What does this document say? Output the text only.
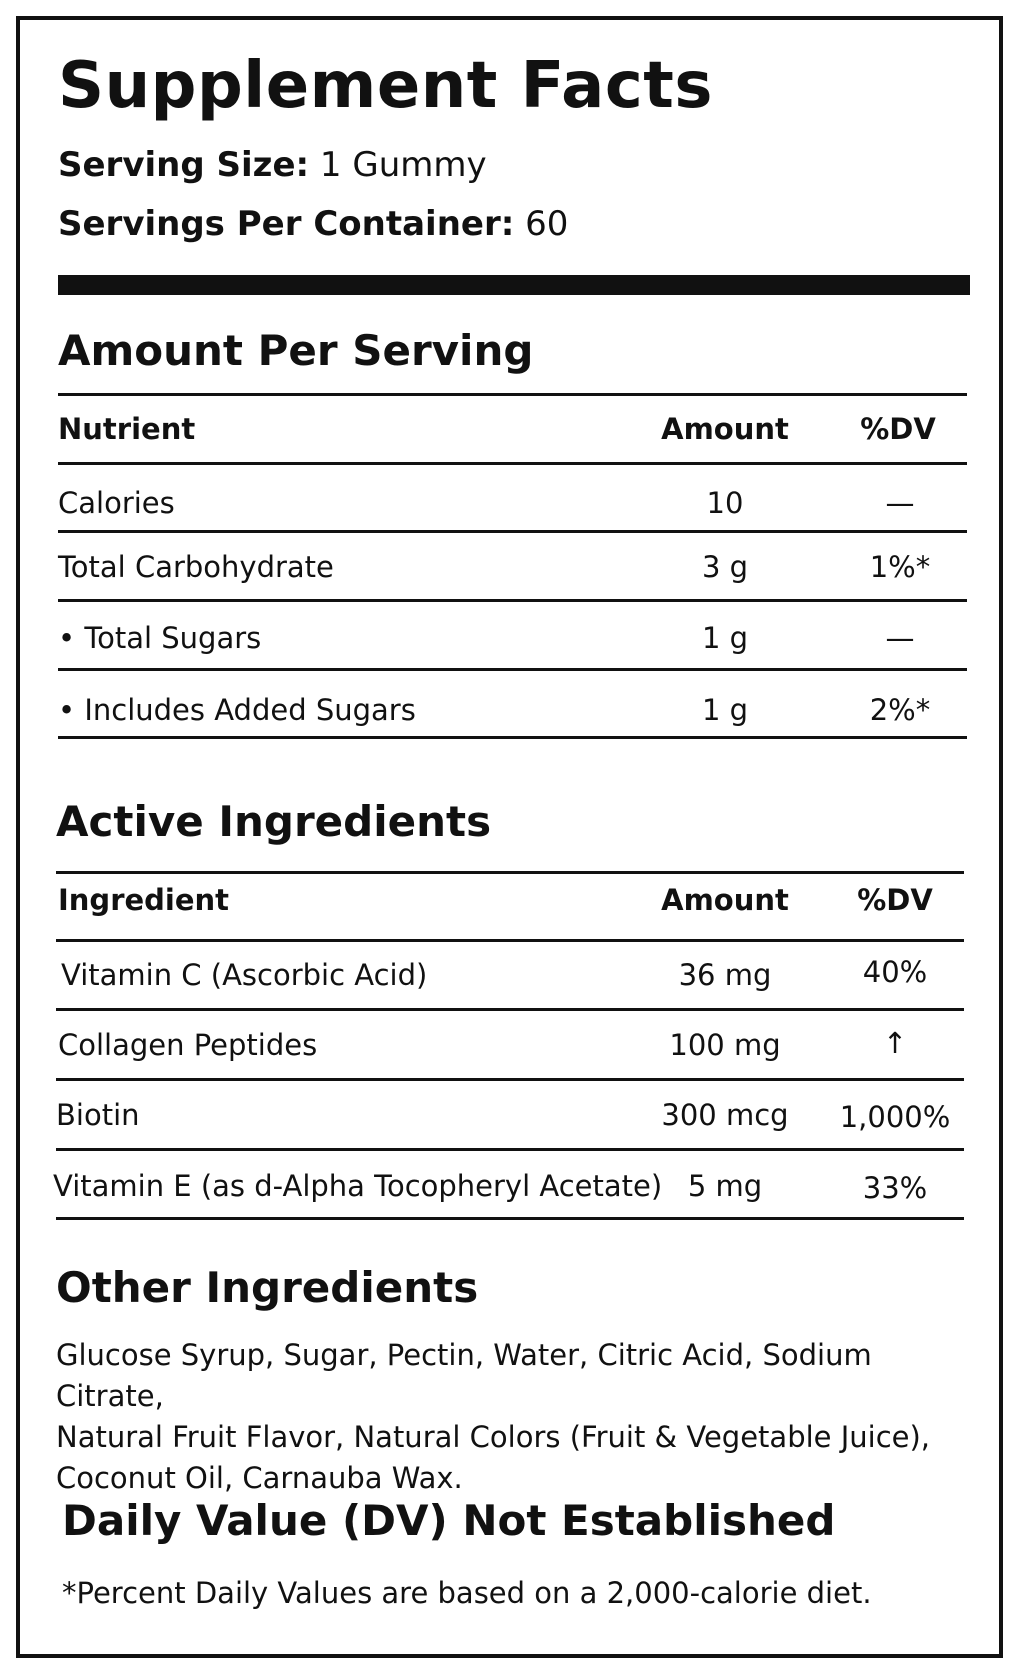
Supplement Facts
Serving Size: 1 Gummy
Servings Per Container: 60
Amount Per Serving
Nutrient	Amount	%DV
Calories	10	—
Total Carbohydrate	3 g	1%*
• Total Sugars	1 g	—
• Includes Added Sugars	1 g	2%*
Active Ingredients
Ingredient	Amount	%DV
Vitamin C (Ascorbic Acid)	36 mg	40%
Collagen Peptides	100 mg	↑
Biotin	300 mcg	1,000%
Vitamin E (as d-Alpha Tocopheryl Acetate) 5 mg	33%
Other Ingredients
Glucose Syrup, Sugar, Pectin, Water, Citric Acid, Sodium Citrate,
Natural Fruit Flavor, Natural Colors (Fruit & Vegetable Juice),
Coconut Oil, Carnauba Wax.
Daily Value (DV) Not Established
*Percent Daily Values are based on a 2,000-calorie diet.
